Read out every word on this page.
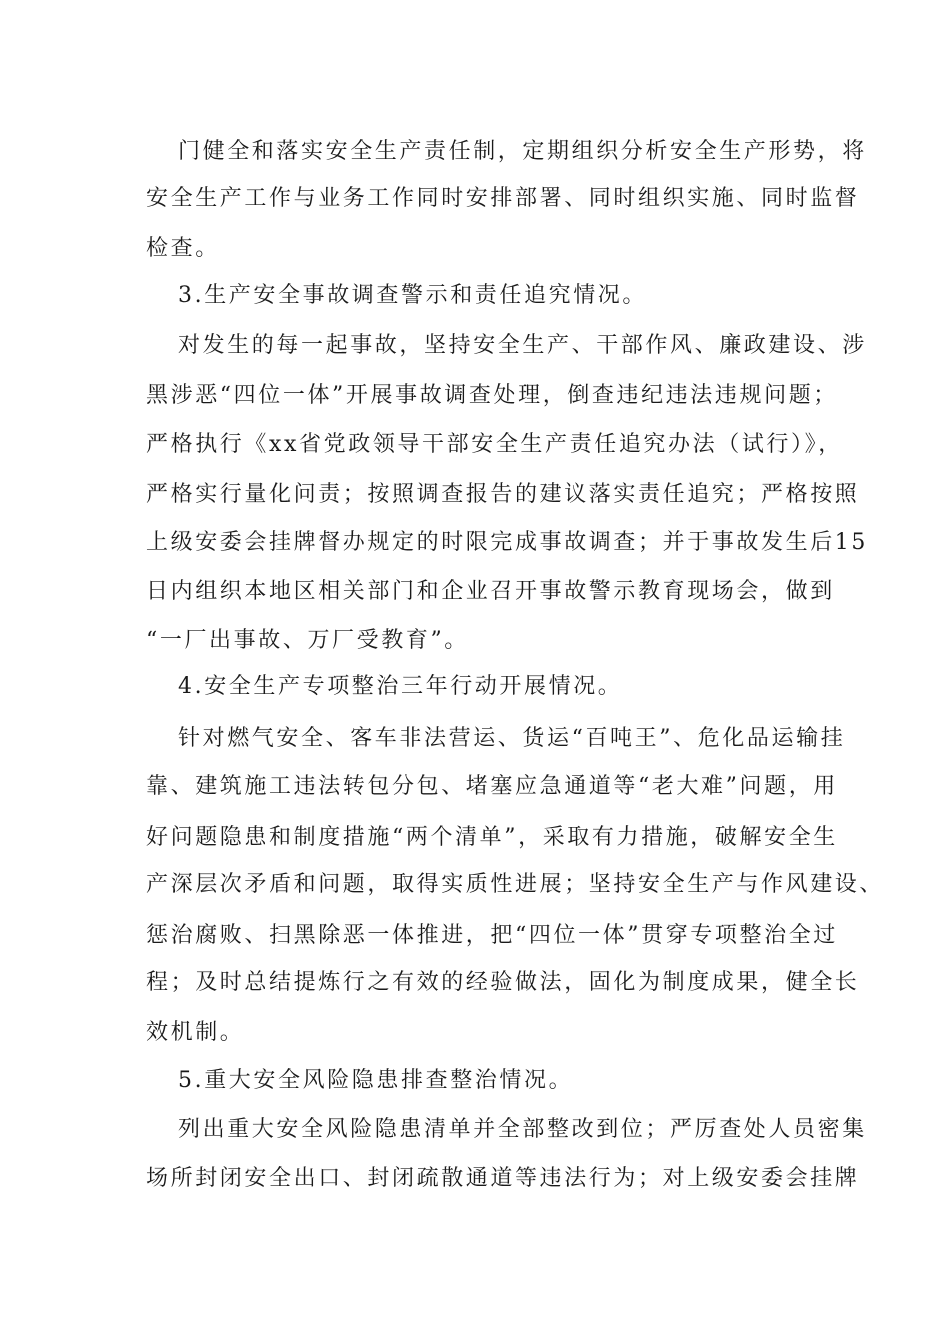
门健全和落实安全生产责任制，定期组织分析安全生产形势，将
安全生产工作与业务工作同时安排部署、同时组织实施、同时监督
检查。
3.生产安全事故调查警示和责任追究情况。
对发生的每一起事故，坚持安全生产、干部作风、廉政建设、涉
黑涉恶“四位一体”开展事故调查处理，倒查违纪违法违规问题；
严格执行《xx省党政领导干部安全生产责任追究办法（试行）》，
严格实行量化问责；按照调查报告的建议落实责任追究；严格按照
上级安委会挂牌督办规定的时限完成事故调查；并于事故发生后15
日内组织本地区相关部门和企业召开事故警示教育现场会，做到
“一厂出事故、万厂受教育”。
4.安全生产专项整治三年行动开展情况。
针对燃气安全、客车非法营运、货运“百吨王”、危化品运输挂
靠、建筑施工违法转包分包、堵塞应急通道等“老大难”问题，用
好问题隐患和制度措施“两个清单”，采取有力措施，破解安全生
产深层次矛盾和问题，取得实质性进展；坚持安全生产与作风建设、
惩治腐败、扫黑除恶一体推进，把“四位一体”贯穿专项整治全过
程；及时总结提炼行之有效的经验做法，固化为制度成果，健全长
效机制。
5.重大安全风险隐患排查整治情况。
列出重大安全风险隐患清单并全部整改到位；严厉查处人员密集
场所封闭安全出口、封闭疏散通道等违法行为；对上级安委会挂牌
